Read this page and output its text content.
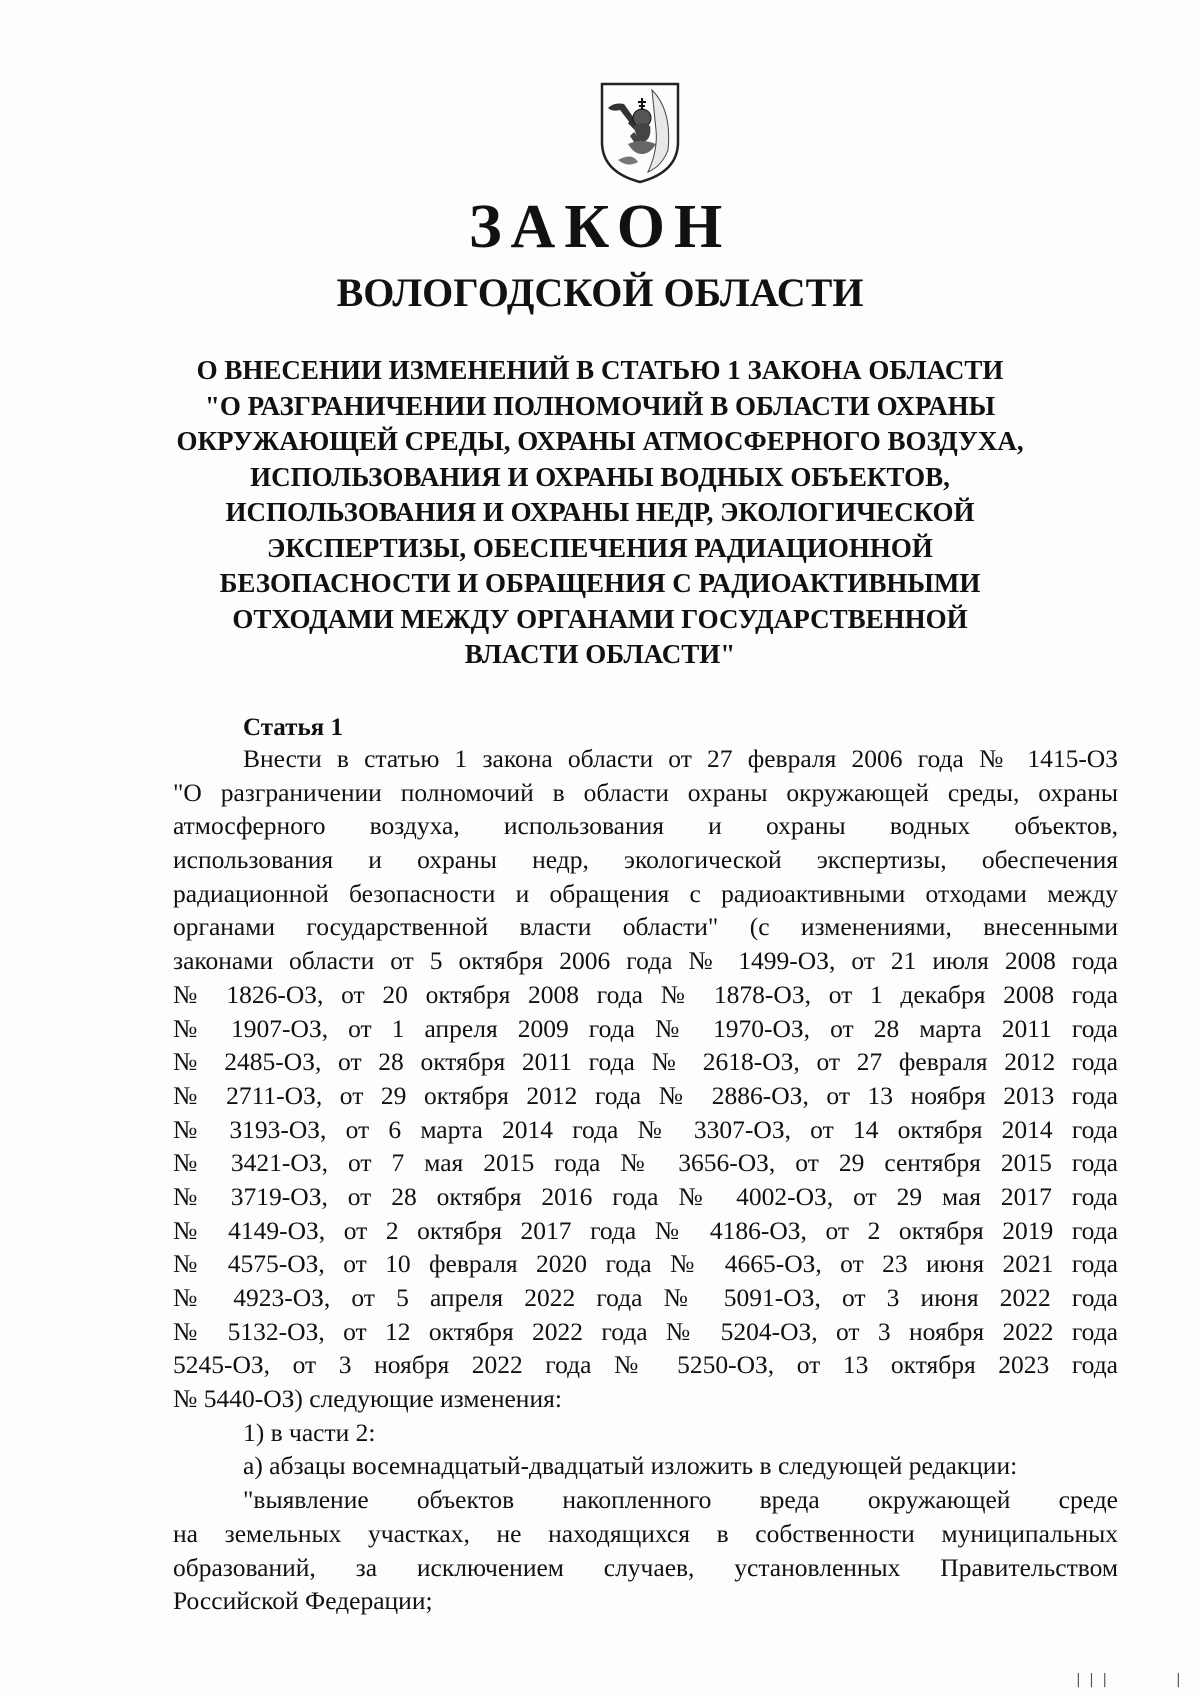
ЗАКОН
ВОЛОГОДСКОЙ ОБЛАСТИ
О ВНЕСЕНИИ ИЗМЕНЕНИЙ В СТАТЬЮ 1 ЗАКОНА ОБЛАСТИ
"О РАЗГРАНИЧЕНИИ ПОЛНОМОЧИЙ В ОБЛАСТИ ОХРАНЫ
ОКРУЖАЮЩЕЙ СРЕДЫ, ОХРАНЫ АТМОСФЕРНОГО ВОЗДУХА,
ИСПОЛЬЗОВАНИЯ И ОХРАНЫ ВОДНЫХ ОБЪЕКТОВ,
ИСПОЛЬЗОВАНИЯ И ОХРАНЫ НЕДР, ЭКОЛОГИЧЕСКОЙ
ЭКСПЕРТИЗЫ, ОБЕСПЕЧЕНИЯ РАДИАЦИОННОЙ
БЕЗОПАСНОСТИ И ОБРАЩЕНИЯ С РАДИОАКТИВНЫМИ
ОТХОДАМИ МЕЖДУ ОРГАНАМИ ГОСУДАРСТВЕННОЙ
ВЛАСТИ ОБЛАСТИ"
Статья 1
Внести в статью 1 закона области от 27 февраля 2006 года № 1415-ОЗ
"О разграничении полномочий в области охраны окружающей среды, охраны
атмосферного воздуха, использования и охраны водных объектов,
использования и охраны недр, экологической экспертизы, обеспечения
радиационной безопасности и обращения с радиоактивными отходами между
органами государственной власти области" (с изменениями, внесенными
законами области от 5 октября 2006 года № 1499-ОЗ, от 21 июля 2008 года
№ 1826-ОЗ, от 20 октября 2008 года № 1878-ОЗ, от 1 декабря 2008 года
№ 1907-ОЗ, от 1 апреля 2009 года № 1970-ОЗ, от 28 марта 2011 года
№ 2485-ОЗ, от 28 октября 2011 года № 2618-ОЗ, от 27 февраля 2012 года
№ 2711-ОЗ, от 29 октября 2012 года № 2886-ОЗ, от 13 ноября 2013 года
№ 3193-ОЗ, от 6 марта 2014 года № 3307-ОЗ, от 14 октября 2014 года
№ 3421-ОЗ, от 7 мая 2015 года № 3656-ОЗ, от 29 сентября 2015 года
№ 3719-ОЗ, от 28 октября 2016 года № 4002-ОЗ, от 29 мая 2017 года
№ 4149-ОЗ, от 2 октября 2017 года № 4186-ОЗ, от 2 октября 2019 года
№ 4575-ОЗ, от 10 февраля 2020 года № 4665-ОЗ, от 23 июня 2021 года
№ 4923-ОЗ, от 5 апреля 2022 года № 5091-ОЗ, от 3 июня 2022 года
№ 5132-ОЗ, от 12 октября 2022 года № 5204-ОЗ, от 3 ноября 2022 года
5245-ОЗ, от 3 ноября 2022 года № 5250-ОЗ, от 13 октября 2023 года
№ 5440-ОЗ) следующие изменения:
1) в части 2:
а) абзацы восемнадцатый-двадцатый изложить в следующей редакции:
"выявление объектов накопленного вреда окружающей среде
на земельных участках, не находящихся в собственности муниципальных
образований, за исключением случаев, установленных Правительством
Российской Федерации;
| | |	|
